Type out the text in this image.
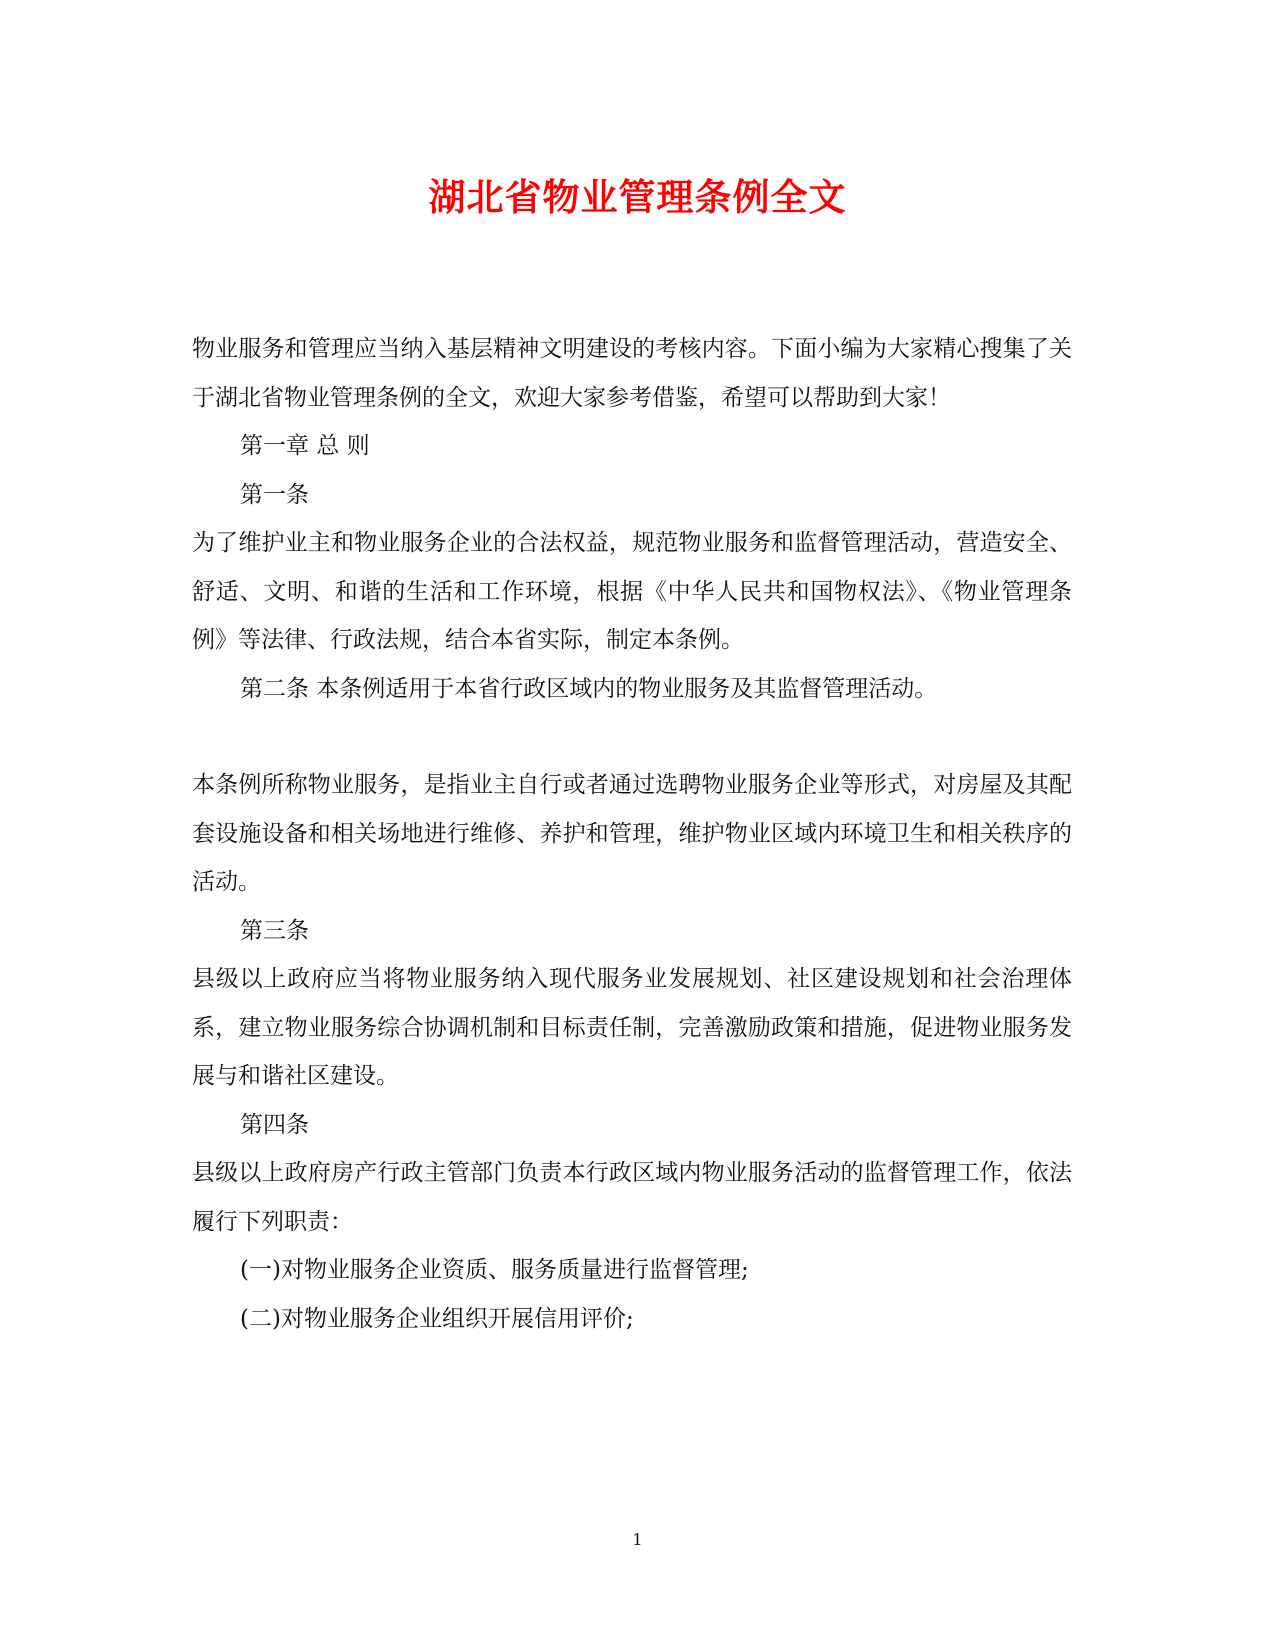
湖北省物业管理条例全文

物业服务和管理应当纳入基层精神文明建设的考核内容。下面小编为大家精心搜集了关于湖北省物业管理条例的全文，欢迎大家参考借鉴，希望可以帮助到大家！

第一章 总 则

第一条

为了维护业主和物业服务企业的合法权益，规范物业服务和监督管理活动，营造安全、舒适、文明、和谐的生活和工作环境，根据《中华人民共和国物权法》、《物业管理条例》等法律、行政法规，结合本省实际，制定本条例。

第二条 本条例适用于本省行政区域内的物业服务及其监督管理活动。

本条例所称物业服务，是指业主自行或者通过选聘物业服务企业等形式，对房屋及其配套设施设备和相关场地进行维修、养护和管理，维护物业区域内环境卫生和相关秩序的活动。

第三条

县级以上政府应当将物业服务纳入现代服务业发展规划、社区建设规划和社会治理体系，建立物业服务综合协调机制和目标责任制，完善激励政策和措施，促进物业服务发展与和谐社区建设。

第四条

县级以上政府房产行政主管部门负责本行政区域内物业服务活动的监督管理工作，依法履行下列职责：

(一)对物业服务企业资质、服务质量进行监督管理;

(二)对物业服务企业组织开展信用评价;

1
